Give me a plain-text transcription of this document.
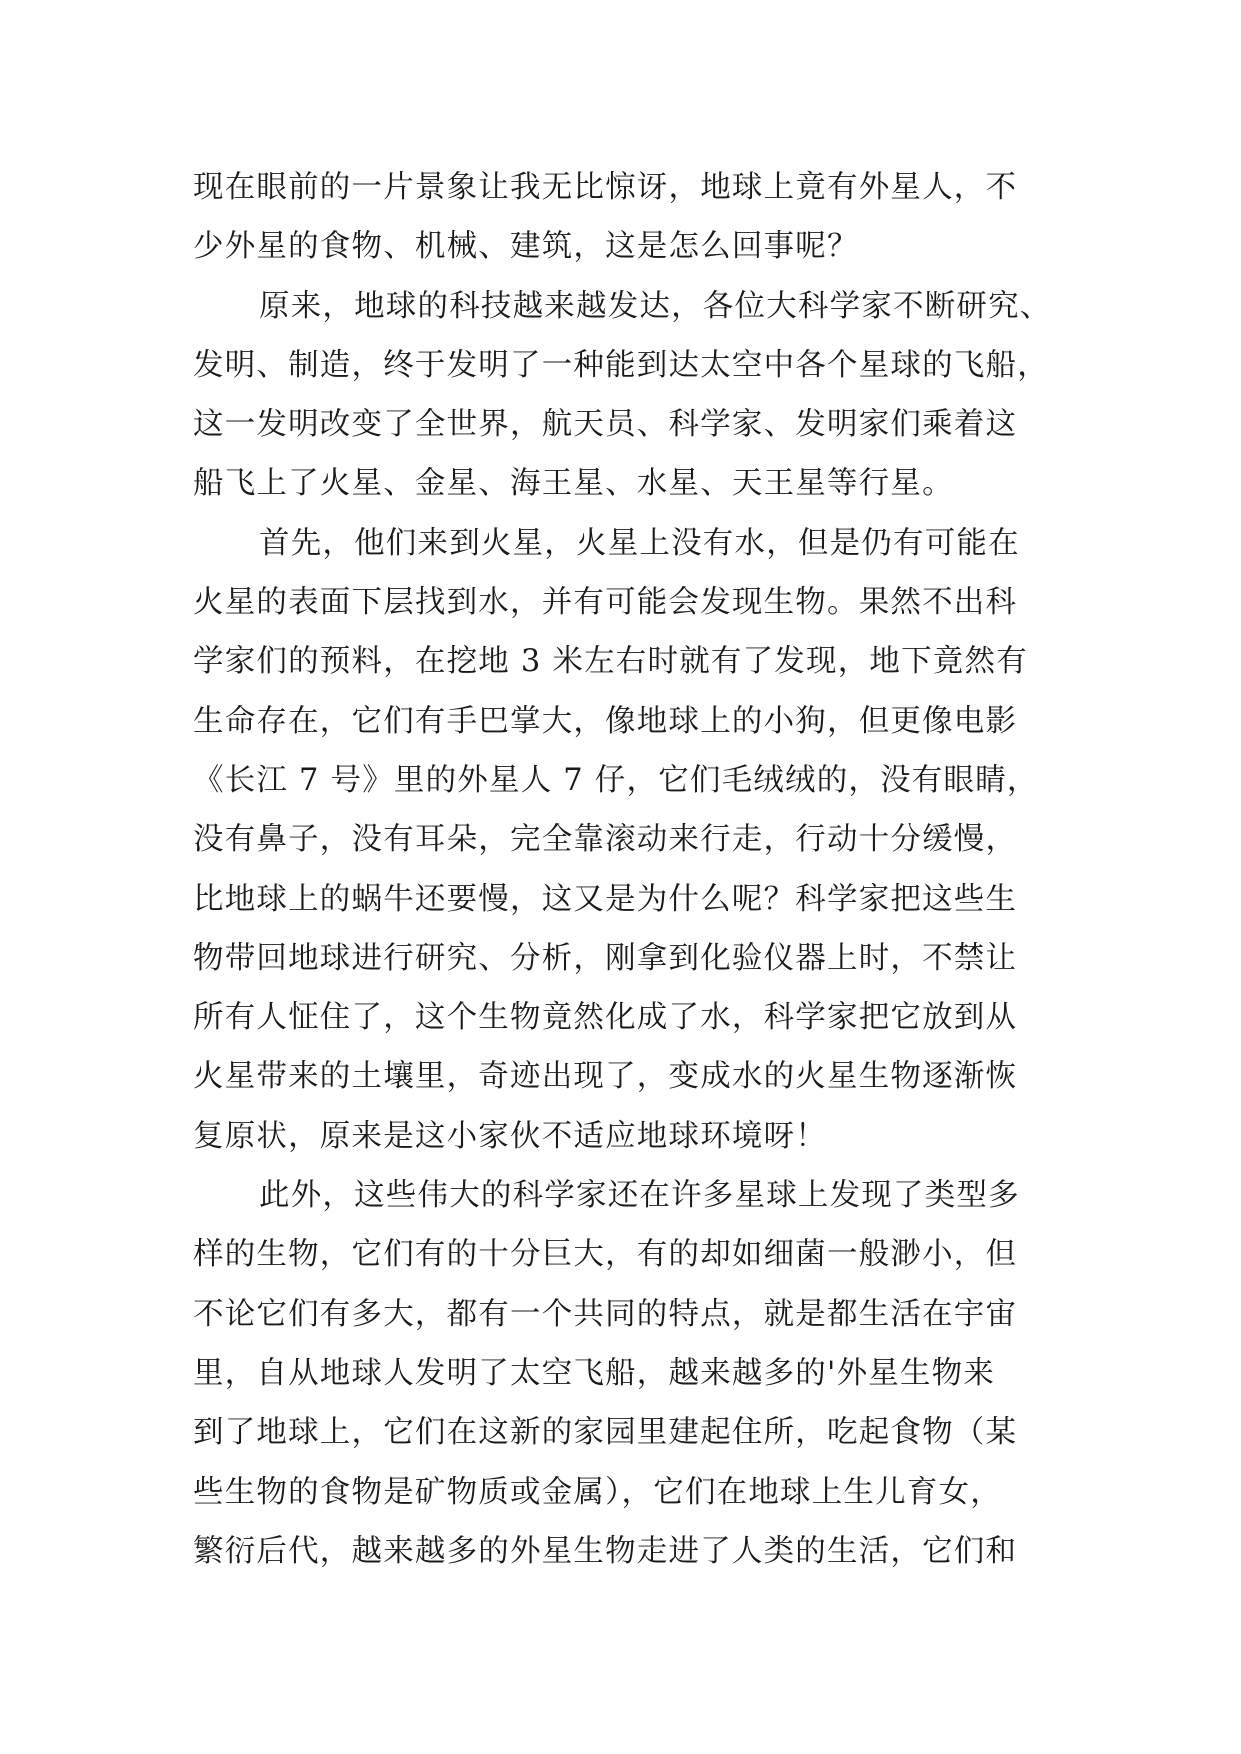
现在眼前的一片景象让我无比惊讶，地球上竟有外星人，不
少外星的食物、机械、建筑，这是怎么回事呢？
原来，地球的科技越来越发达，各位大科学家不断研究、
发明、制造，终于发明了一种能到达太空中各个星球的飞船，
这一发明改变了全世界，航天员、科学家、发明家们乘着这
船飞上了火星、金星、海王星、水星、天王星等行星。
首先，他们来到火星，火星上没有水，但是仍有可能在
火星的表面下层找到水，并有可能会发现生物。果然不出科
学家们的预料，在挖地 3 米左右时就有了发现，地下竟然有
生命存在，它们有手巴掌大，像地球上的小狗，但更像电影
《长江 7 号》里的外星人 7 仔，它们毛绒绒的，没有眼睛，
没有鼻子，没有耳朵，完全靠滚动来行走，行动十分缓慢，
比地球上的蜗牛还要慢，这又是为什么呢？科学家把这些生
物带回地球进行研究、分析，刚拿到化验仪器上时，不禁让
所有人怔住了，这个生物竟然化成了水，科学家把它放到从
火星带来的土壤里，奇迹出现了，变成水的火星生物逐渐恢
复原状，原来是这小家伙不适应地球环境呀！
此外，这些伟大的科学家还在许多星球上发现了类型多
样的生物，它们有的十分巨大，有的却如细菌一般渺小，但
不论它们有多大，都有一个共同的特点，就是都生活在宇宙
里，自从地球人发明了太空飞船，越来越多的'外星生物来
到了地球上，它们在这新的家园里建起住所，吃起食物（某
些生物的食物是矿物质或金属），它们在地球上生儿育女，
繁衍后代，越来越多的外星生物走进了人类的生活，它们和
